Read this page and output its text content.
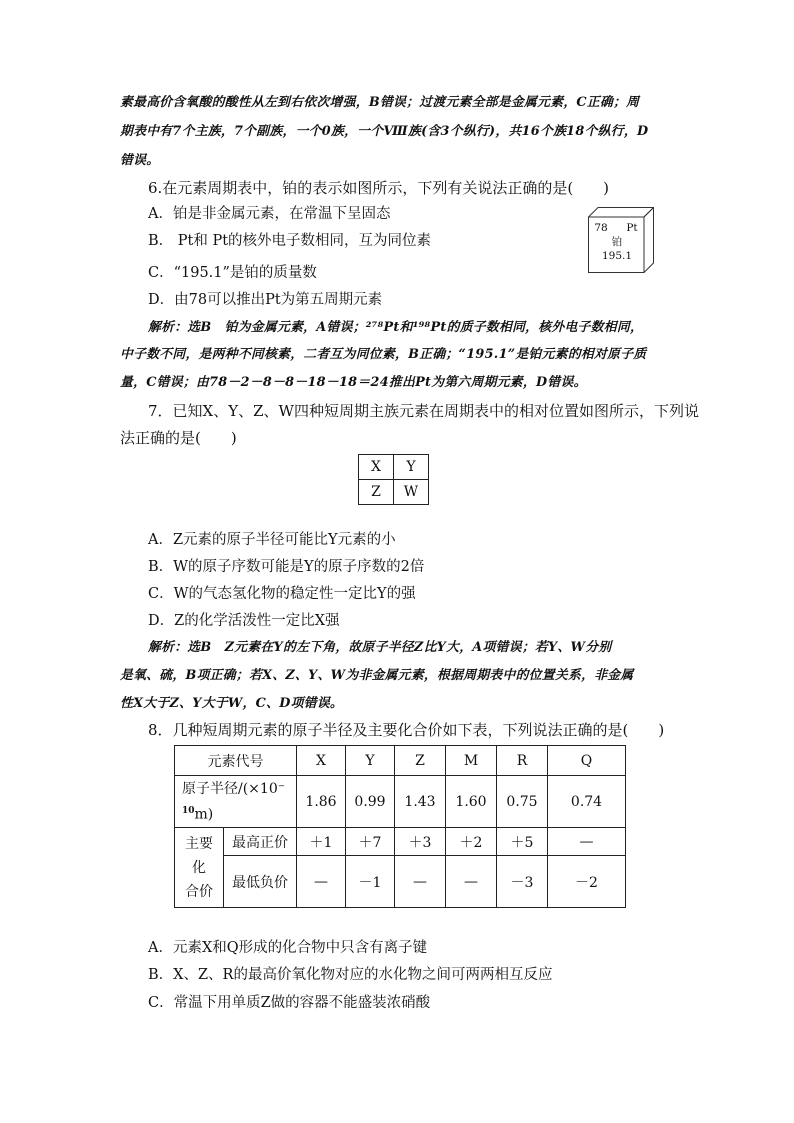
素最高价含氧酸的酸性从左到右依次增强，B错误；过渡元素全部是金属元素，C正确；周
期表中有7个主族，7个副族，一个0族，一个Ⅷ族(含3个纵行)，共16个族18个纵行，D
错误。
6.在元素周期表中，铂的表示如图所示，下列有关说法正确的是(　　)
A．铂是非金属元素，在常温下呈固态
B． Pt和 Pt的核外电子数相同，互为同位素
C．“195.1”是铂的质量数
D．由78可以推出Pt为第五周期元素
78	Pt
铂
195.1
解析：选B　铂为金属元素，A错误；²⁷⁸Pt和¹⁹⁸Pt的质子数相同，核外电子数相同，
中子数不同，是两种不同核素，二者互为同位素，B正确；“195.1”是铂元素的相对原子质
量，C错误；由78－2－8－8－18－18＝24推出Pt为第六周期元素，D错误。
7．已知X、Y、Z、W四种短周期主族元素在周期表中的相对位置如图所示，下列说
法正确的是(　　)
X	Y
Z	W
A．Z元素的原子半径可能比Y元素的小
B．W的原子序数可能是Y的原子序数的2倍
C．W的气态氢化物的稳定性一定比Y的强
D．Z的化学活泼性一定比X强
解析：选B　Z元素在Y的左下角，故原子半径Z比Y大，A项错误；若Y、W分别
是氧、硫，B项正确；若X、Z、Y、W为非金属元素，根据周期表中的位置关系，非金属
性X大于Z、Y大于W，C、D项错误。
8．几种短周期元素的原子半径及主要化合价如下表，下列说法正确的是(　　)
元素代号		X	Y	Z	M	R	Q
原子半径/(×10⁻
$^{10}$m)		1.86	0.99	1.43	1.60	0.75	0.74
主要
化
合价	最高正价	＋1	＋7	＋3	＋2	＋5	—
	最低负价	—	－1	—	—	－3	－2
A．元素X和Q形成的化合物中只含有离子键
B．X、Z、R的最高价氧化物对应的水化物之间可两两相互反应
C．常温下用单质Z做的容器不能盛装浓硝酸
